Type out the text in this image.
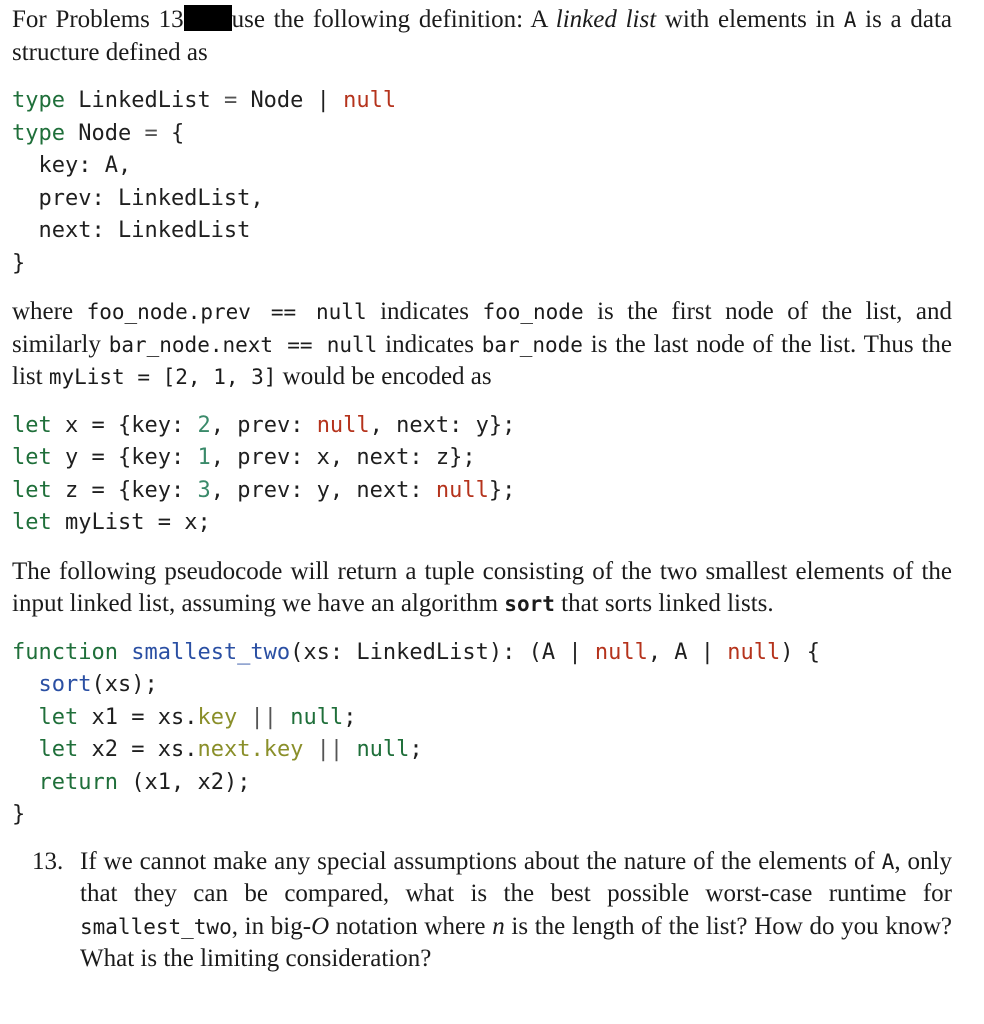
For Problems 13 use the following definition: A linked list with elements in A is a data structure defined as

type LinkedList = Node | null
type Node = {
key: A,
prev: LinkedList,
next: LinkedList
}

where foo_node.prev == null indicates foo_node is the first node of the list, and similarly bar_node.next == null indicates bar_node is the last node of the list. Thus the list myList = [2, 1, 3] would be encoded as

let x = {key: 2, prev: null, next: y};
let y = {key: 1, prev: x, next: z};
let z = {key: 3, prev: y, next: null};
let myList = x;

The following pseudocode will return a tuple consisting of the two smallest elements of the input linked list, assuming we have an algorithm sort that sorts linked lists.

function smallest_two(xs: LinkedList): (A | null, A | null) {
sort(xs);
let x1 = xs.key || null;
let x2 = xs.next.key || null;
return (x1, x2);
}
13. If we cannot make any special assumptions about the nature of the elements of A, only that they can be compared, what is the best possible worst-case runtime for smallest_two, in big-O notation where n is the length of the list? How do you know? What is the limiting consideration?
